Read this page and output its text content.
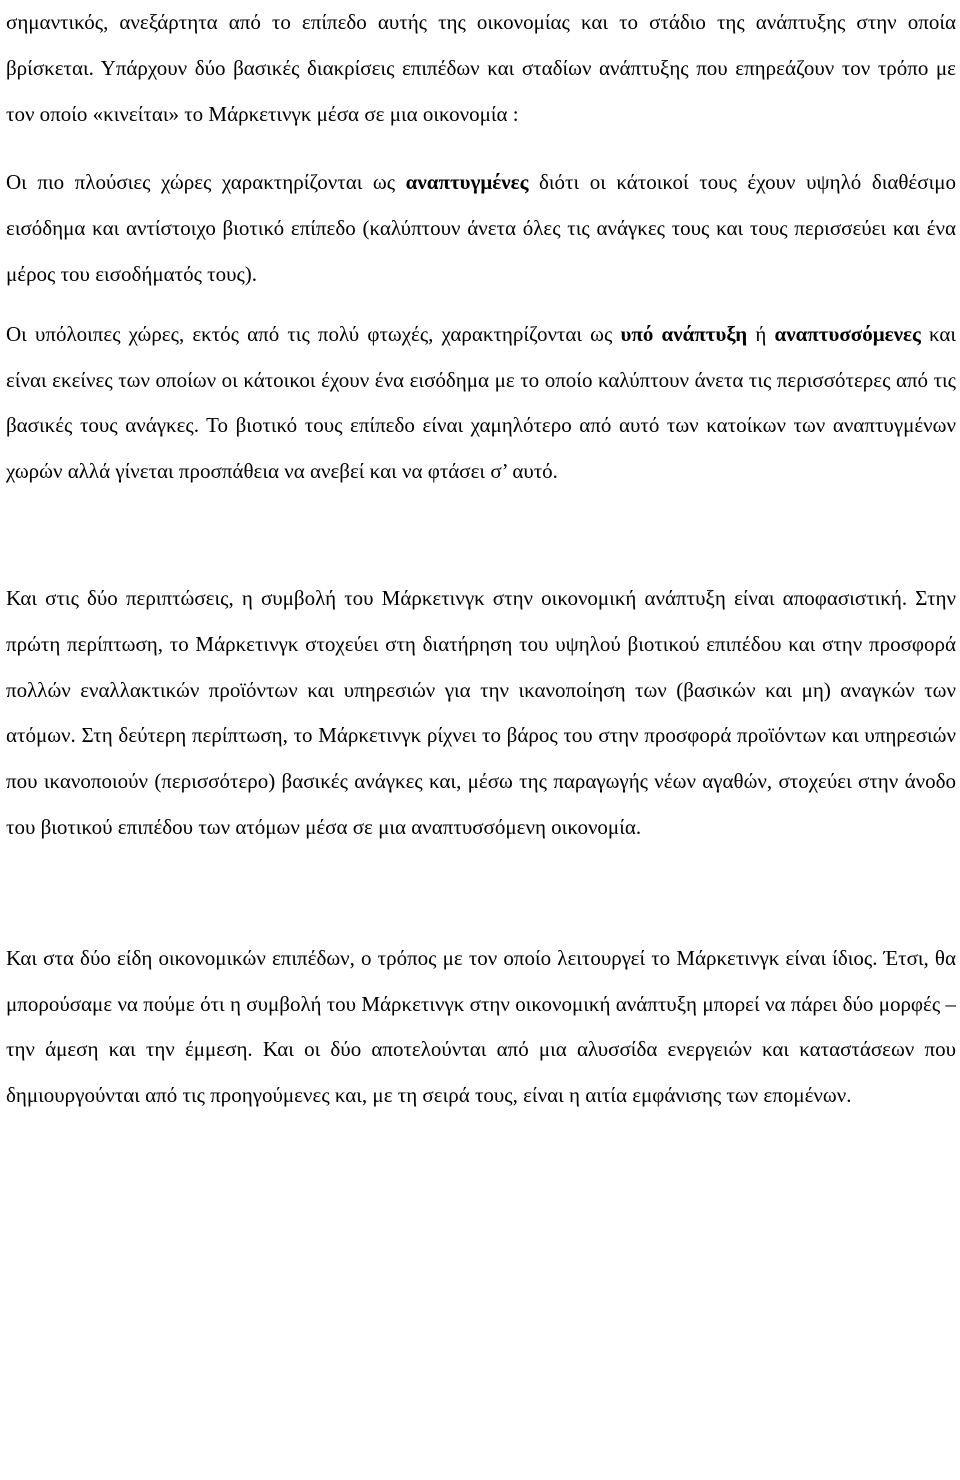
σημαντικός, ανεξάρτητα από το επίπεδο αυτής της οικονομίας και το στάδιο της ανάπτυξης στην οποία βρίσκεται. Υπάρχουν δύο βασικές διακρίσεις επιπέδων και σταδίων ανάπτυξης που επηρεάζουν τον τρόπο με τον οποίο «κινείται» το Μάρκετινγκ μέσα σε μια οικονομία :

Οι πιο πλούσιες χώρες χαρακτηρίζονται ως αναπτυγμένες διότι οι κάτοικοί τους έχουν υψηλό διαθέσιμο εισόδημα και αντίστοιχο βιοτικό επίπεδο (καλύπτουν άνετα όλες τις ανάγκες τους και τους περισσεύει και ένα μέρος του εισοδήματός τους).

Οι υπόλοιπες χώρες, εκτός από τις πολύ φτωχές, χαρακτηρίζονται ως υπό ανάπτυξη ή αναπτυσσόμενες και είναι εκείνες των οποίων οι κάτοικοι έχουν ένα εισόδημα με το οποίο καλύπτουν άνετα τις περισσότερες από τις βασικές τους ανάγκες. Το βιοτικό τους επίπεδο είναι χαμηλότερο από αυτό των κατοίκων των αναπτυγμένων χωρών αλλά γίνεται προσπάθεια να ανεβεί και να φτάσει σ’ αυτό.

Και στις δύο περιπτώσεις, η συμβολή του Μάρκετινγκ στην οικονομική ανάπτυξη είναι αποφασιστική. Στην πρώτη περίπτωση, το Μάρκετινγκ στοχεύει στη διατήρηση του υψηλού βιοτικού επιπέδου και στην προσφορά πολλών εναλλακτικών προϊόντων και υπηρεσιών για την ικανοποίηση των (βασικών και μη) αναγκών των ατόμων. Στη δεύτερη περίπτωση, το Μάρκετινγκ ρίχνει το βάρος του στην προσφορά προϊόντων και υπηρεσιών που ικανοποιούν (περισσότερο) βασικές ανάγκες και, μέσω της παραγωγής νέων αγαθών, στοχεύει στην άνοδο του βιοτικού επιπέδου των ατόμων μέσα σε μια αναπτυσσόμενη οικονομία.

Και στα δύο είδη οικονομικών επιπέδων, ο τρόπος με τον οποίο λειτουργεί το Μάρκετινγκ είναι ίδιος. Έτσι, θα μπορούσαμε να πούμε ότι η συμβολή του Μάρκετινγκ στην οικονομική ανάπτυξη μπορεί να πάρει δύο μορφές – την άμεση και την έμμεση. Και οι δύο αποτελούνται από μια αλυσσίδα ενεργειών και καταστάσεων που δημιουργούνται από τις προηγούμενες και, με τη σειρά τους, είναι η αιτία εμφάνισης των επομένων.
